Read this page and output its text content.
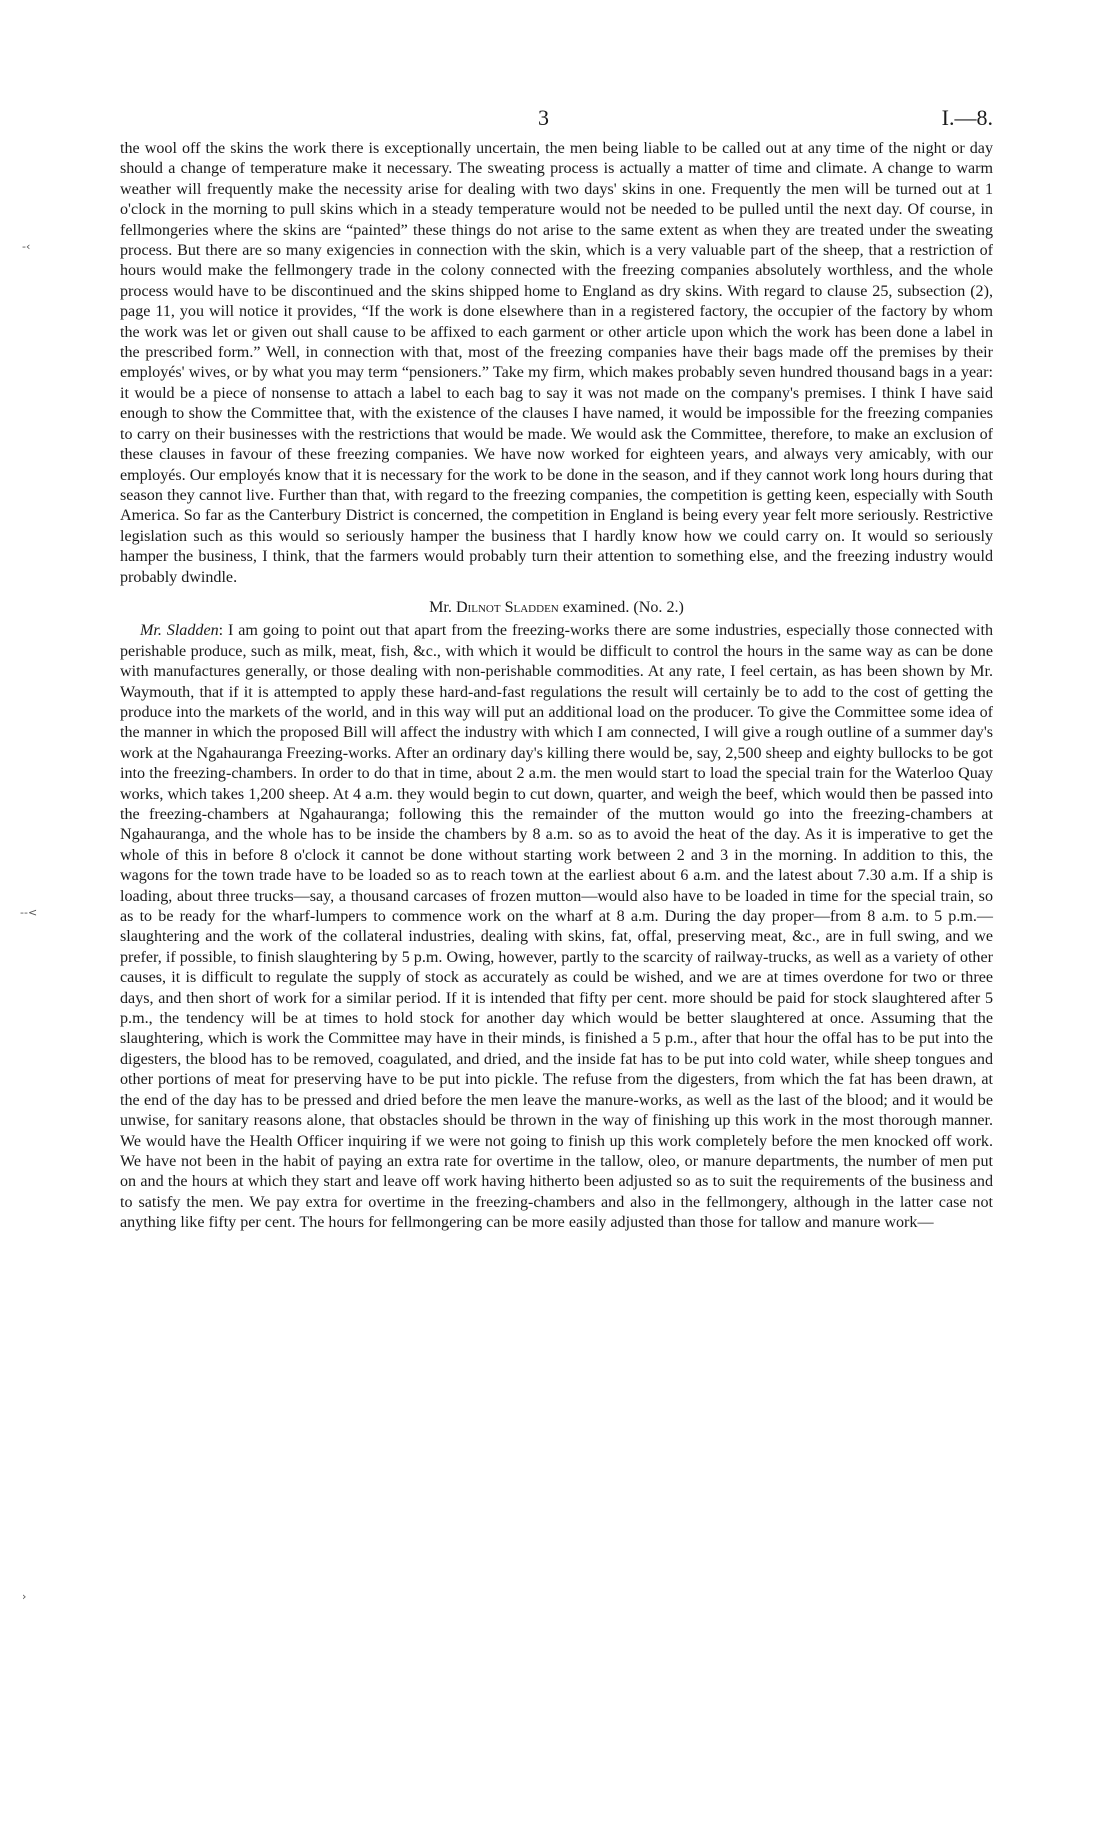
-‹
--<
›
3	I.—8.

the wool off the skins the work there is exceptionally uncertain, the men being liable to be called out at any time of the night or day should a change of temperature make it necessary. The sweating process is actually a matter of time and climate. A change to warm weather will frequently make the necessity arise for dealing with two days' skins in one. Frequently the men will be turned out at 1 o'clock in the morning to pull skins which in a steady temperature would not be needed to be pulled until the next day. Of course, in fellmongeries where the skins are “painted” these things do not arise to the same extent as when they are treated under the sweating process. But there are so many exigencies in connection with the skin, which is a very valuable part of the sheep, that a restriction of hours would make the fellmongery trade in the colony connected with the freezing companies absolutely worthless, and the whole process would have to be discontinued and the skins shipped home to England as dry skins. With regard to clause 25, subsection (2), page 11, you will notice it provides, “If the work is done elsewhere than in a registered factory, the occupier of the factory by whom the work was let or given out shall cause to be affixed to each garment or other article upon which the work has been done a label in the prescribed form.” Well, in connection with that, most of the freezing companies have their bags made off the premises by their employés' wives, or by what you may term “pensioners.” Take my firm, which makes probably seven hundred thousand bags in a year: it would be a piece of nonsense to attach a label to each bag to say it was not made on the company's premises. I think I have said enough to show the Committee that, with the existence of the clauses I have named, it would be impossible for the freezing companies to carry on their businesses with the restrictions that would be made. We would ask the Committee, therefore, to make an exclusion of these clauses in favour of these freezing companies. We have now worked for eighteen years, and always very amicably, with our employés. Our employés know that it is necessary for the work to be done in the season, and if they cannot work long hours during that season they cannot live. Further than that, with regard to the freezing companies, the competition is getting keen, especially with South America. So far as the Canterbury District is concerned, the competition in England is being every year felt more seriously. Restrictive legislation such as this would so seriously hamper the business that I hardly know how we could carry on. It would so seriously hamper the business, I think, that the farmers would probably turn their attention to something else, and the freezing industry would probably dwindle.

Mr. Dilnot Sladden examined. (No. 2.)

Mr. Sladden: I am going to point out that apart from the freezing-works there are some industries, especially those connected with perishable produce, such as milk, meat, fish, &c., with which it would be difficult to control the hours in the same way as can be done with manufactures generally, or those dealing with non-perishable commodities. At any rate, I feel certain, as has been shown by Mr. Waymouth, that if it is attempted to apply these hard-and-fast regulations the result will certainly be to add to the cost of getting the produce into the markets of the world, and in this way will put an additional load on the producer. To give the Committee some idea of the manner in which the proposed Bill will affect the industry with which I am connected, I will give a rough outline of a summer day's work at the Ngahauranga Freezing-works. After an ordinary day's killing there would be, say, 2,500 sheep and eighty bullocks to be got into the freezing-chambers. In order to do that in time, about 2 a.m. the men would start to load the special train for the Waterloo Quay works, which takes 1,200 sheep. At 4 a.m. they would begin to cut down, quarter, and weigh the beef, which would then be passed into the freezing-chambers at Ngahauranga; following this the remainder of the mutton would go into the freezing-chambers at Ngahauranga, and the whole has to be inside the chambers by 8 a.m. so as to avoid the heat of the day. As it is imperative to get the whole of this in before 8 o'clock it cannot be done without starting work between 2 and 3 in the morning. In addition to this, the wagons for the town trade have to be loaded so as to reach town at the earliest about 6 a.m. and the latest about 7.30 a.m. If a ship is loading, about three trucks—say, a thousand carcases of frozen mutton—would also have to be loaded in time for the special train, so as to be ready for the wharf-lumpers to commence work on the wharf at 8 a.m. During the day proper—from 8 a.m. to 5 p.m.—slaughtering and the work of the collateral industries, dealing with skins, fat, offal, preserving meat, &c., are in full swing, and we prefer, if possible, to finish slaughtering by 5 p.m. Owing, however, partly to the scarcity of railway-trucks, as well as a variety of other causes, it is difficult to regulate the supply of stock as accurately as could be wished, and we are at times overdone for two or three days, and then short of work for a similar period. If it is intended that fifty per cent. more should be paid for stock slaughtered after 5 p.m., the tendency will be at times to hold stock for another day which would be better slaughtered at once. Assuming that the slaughtering, which is work the Committee may have in their minds, is finished a 5 p.m., after that hour the offal has to be put into the digesters, the blood has to be removed, coagulated, and dried, and the inside fat has to be put into cold water, while sheep tongues and other portions of meat for preserving have to be put into pickle. The refuse from the digesters, from which the fat has been drawn, at the end of the day has to be pressed and dried before the men leave the manure-works, as well as the last of the blood; and it would be unwise, for sanitary reasons alone, that obstacles should be thrown in the way of finishing up this work in the most thorough manner. We would have the Health Officer inquiring if we were not going to finish up this work completely before the men knocked off work. We have not been in the habit of paying an extra rate for overtime in the tallow, oleo, or manure departments, the number of men put on and the hours at which they start and leave off work having hitherto been adjusted so as to suit the requirements of the business and to satisfy the men. We pay extra for overtime in the freezing-chambers and also in the fellmongery, although in the latter case not anything like fifty per cent. The hours for fellmongering can be more easily adjusted than those for tallow and manure work—
